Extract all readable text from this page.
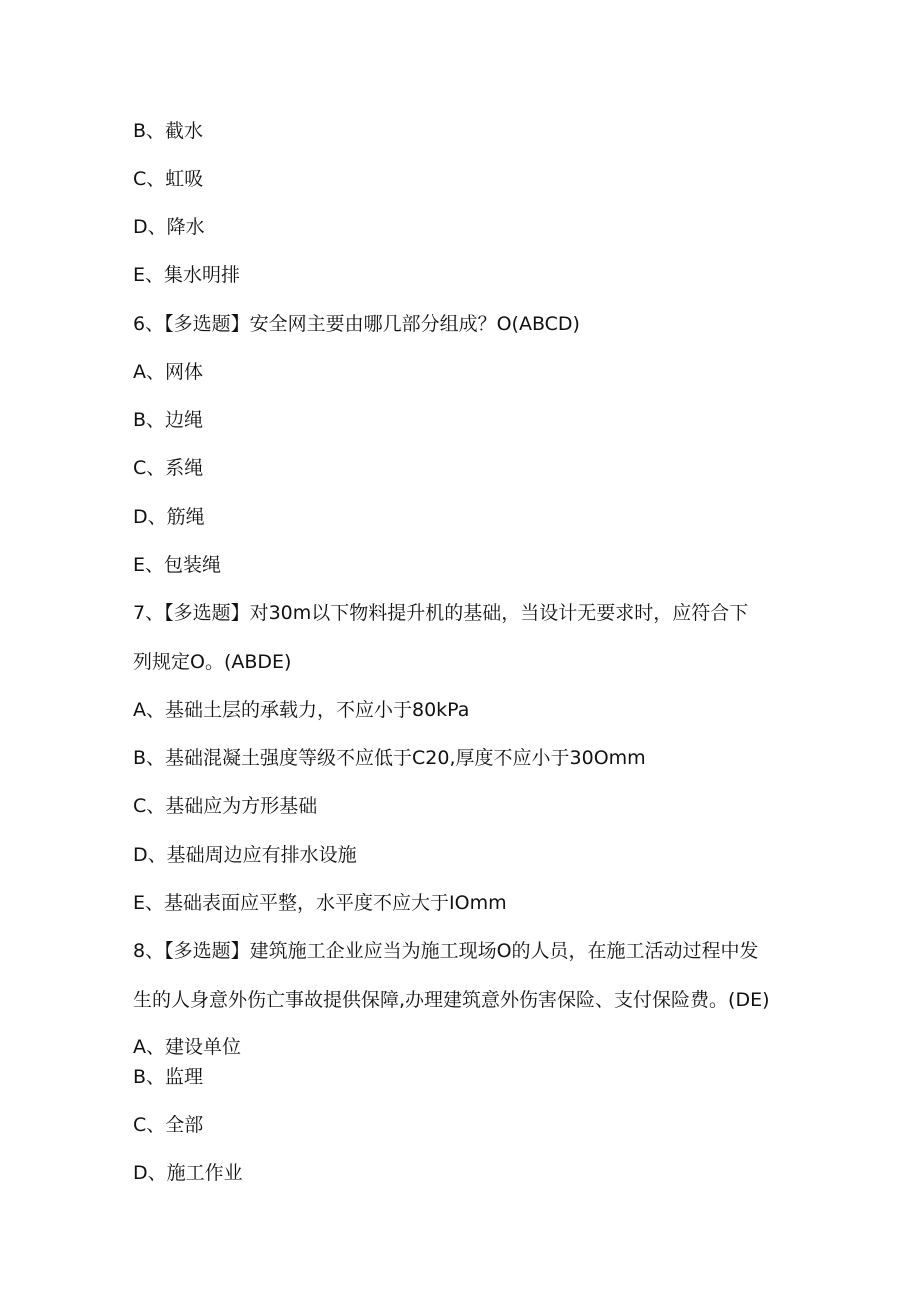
B、截水
C、虹吸
D、降水
E、集水明排
6、【多选题】安全网主要由哪几部分组成？O(ABCD)
A、网体
B、边绳
C、系绳
D、筋绳
E、包装绳
7、【多选题】对30m以下物料提升机的基础，当设计无要求时，应符合下
列规定O。(ABDE)
A、基础土层的承载力，不应小于80kPa
B、基础混凝土强度等级不应低于C20,厚度不应小于30Omm
C、基础应为方形基础
D、基础周边应有排水设施
E、基础表面应平整，水平度不应大于IOmm
8、【多选题】建筑施工企业应当为施工现场O的人员，在施工活动过程中发
生的人身意外伤亡事故提供保障,办理建筑意外伤害保险、支付保险费。(DE)
A、建设单位
B、监理
C、全部
D、施工作业
